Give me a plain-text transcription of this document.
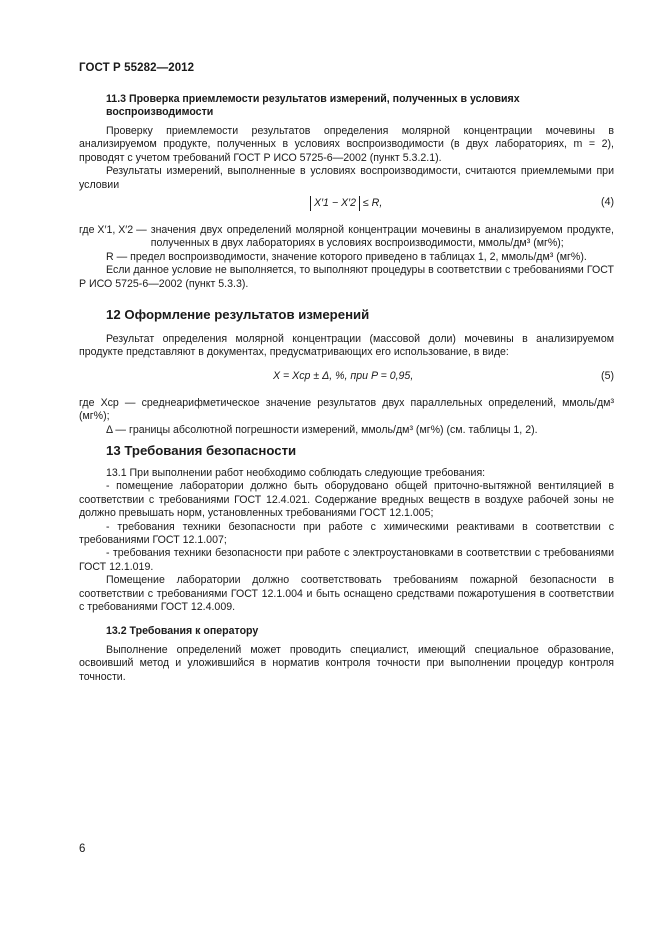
ГОСТ Р 55282—2012

11.3 Проверка приемлемости результатов измерений, полученных в условиях

воспроизводимости

Проверку приемлемости результатов определения молярной концентрации мочевины в анализируемом продукте, полученных в условиях воспроизводимости (в двух лабораториях, m = 2), проводят с учетом требований ГОСТ Р ИСО 5725-6—2002 (пункт 5.3.2.1).

Результаты измерений, выполненные в условиях воспроизводимости, считаются приемлемыми при условии

X′1 − X′2 ≤ R,	(4)

где X′1, X′2 — значения двух определений молярной концентрации мочевины в анализируемом продукте, полученных в двух лабораториях в условиях воспроизводимости, ммоль/дм³ (мг%);

R — предел воспроизводимости, значение которого приведено в таблицах 1, 2, ммоль/дм³ (мг%).

Если данное условие не выполняется, то выполняют процедуры в соответствии с требованиями ГОСТ Р ИСО 5725-6—2002 (пункт 5.3.3).

12 Оформление результатов измерений

Результат определения молярной концентрации (массовой доли) мочевины в анализируемом продукте представляют в документах, предусматривающих его использование, в виде:

X = Xср ± Δ, %, при P = 0,95,	(5)

где Xср — среднеарифметическое значение результатов двух параллельных определений, ммоль/дм³ (мг%);

Δ — границы абсолютной погрешности измерений, ммоль/дм³ (мг%) (см. таблицы 1, 2).

13 Требования безопасности

13.1 При выполнении работ необходимо соблюдать следующие требования:

- помещение лаборатории должно быть оборудовано общей приточно-вытяжной вентиляцией в соответствии с требованиями ГОСТ 12.4.021. Содержание вредных веществ в воздухе рабочей зоны не должно превышать норм, установленных требованиями ГОСТ 12.1.005;

- требования техники безопасности при работе с химическими реактивами в соответствии с требованиями ГОСТ 12.1.007;

- требования техники безопасности при работе с электроустановками в соответствии с требованиями ГОСТ 12.1.019.

Помещение лаборатории должно соответствовать требованиям пожарной безопасности в соответствии с требованиями ГОСТ 12.1.004 и быть оснащено средствами пожаротушения в соответствии с требованиями ГОСТ 12.4.009.

13.2 Требования к оператору

Выполнение определений может проводить специалист, имеющий специальное образование, освоивший метод и уложившийся в норматив контроля точности при выполнении процедур контроля точности.

6
